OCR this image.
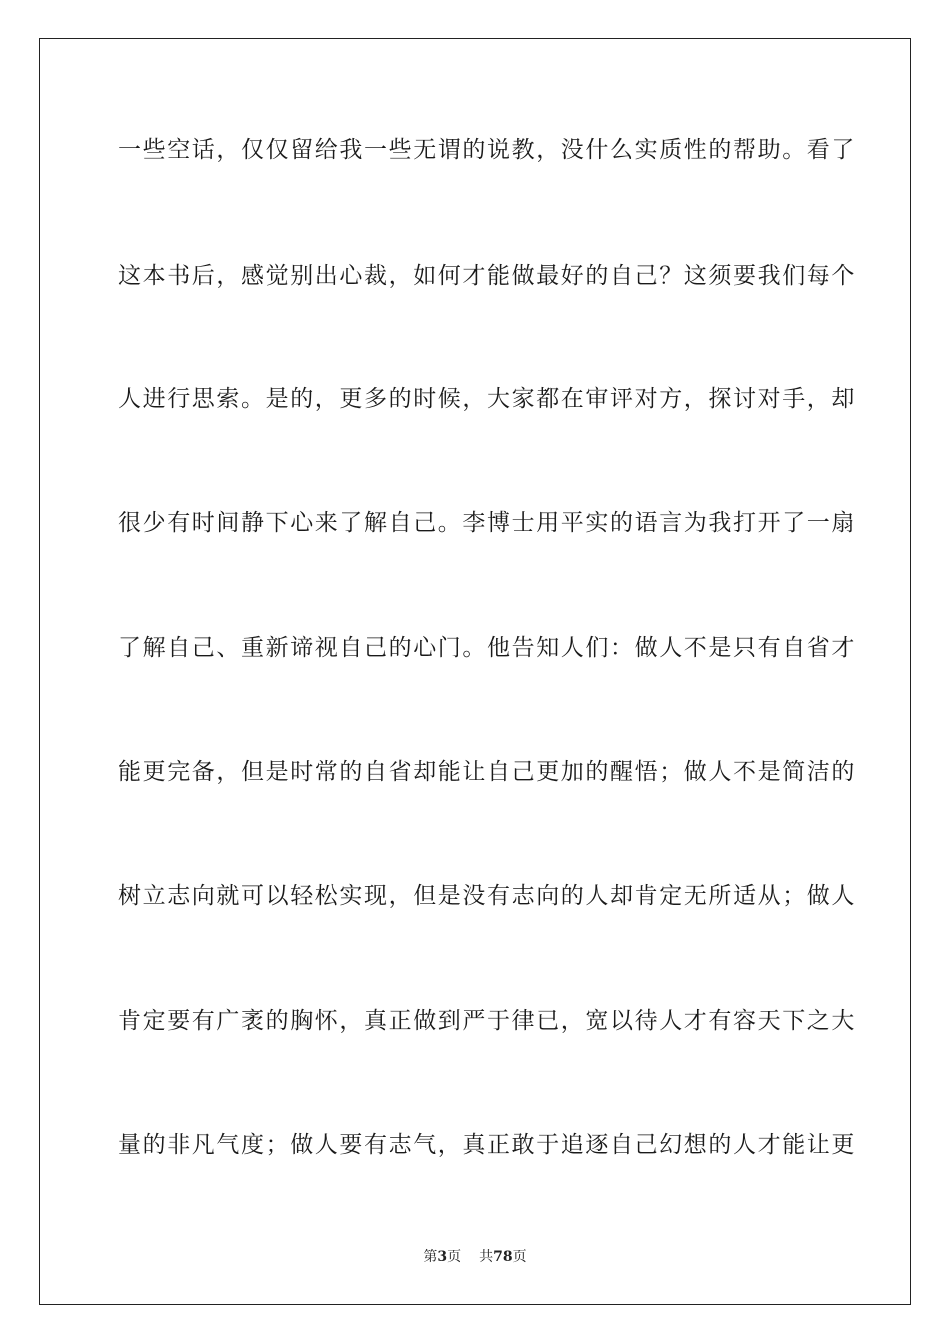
一些空话，仅仅留给我一些无谓的说教，没什么实质性的帮助。看了
这本书后，感觉别出心裁，如何才能做最好的自己？这须要我们每个
人进行思索。是的，更多的时候，大家都在审评对方，探讨对手，却
很少有时间静下心来了解自己。李博士用平实的语言为我打开了一扇
了解自己、重新谛视自己的心门。他告知人们：做人不是只有自省才
能更完备，但是时常的自省却能让自己更加的醒悟；做人不是简洁的
树立志向就可以轻松实现，但是没有志向的人却肯定无所适从；做人
肯定要有广袤的胸怀，真正做到严于律已，宽以待人才有容天下之大
量的非凡气度；做人要有志气，真正敢于追逐自己幻想的人才能让更
第3页 共78页
